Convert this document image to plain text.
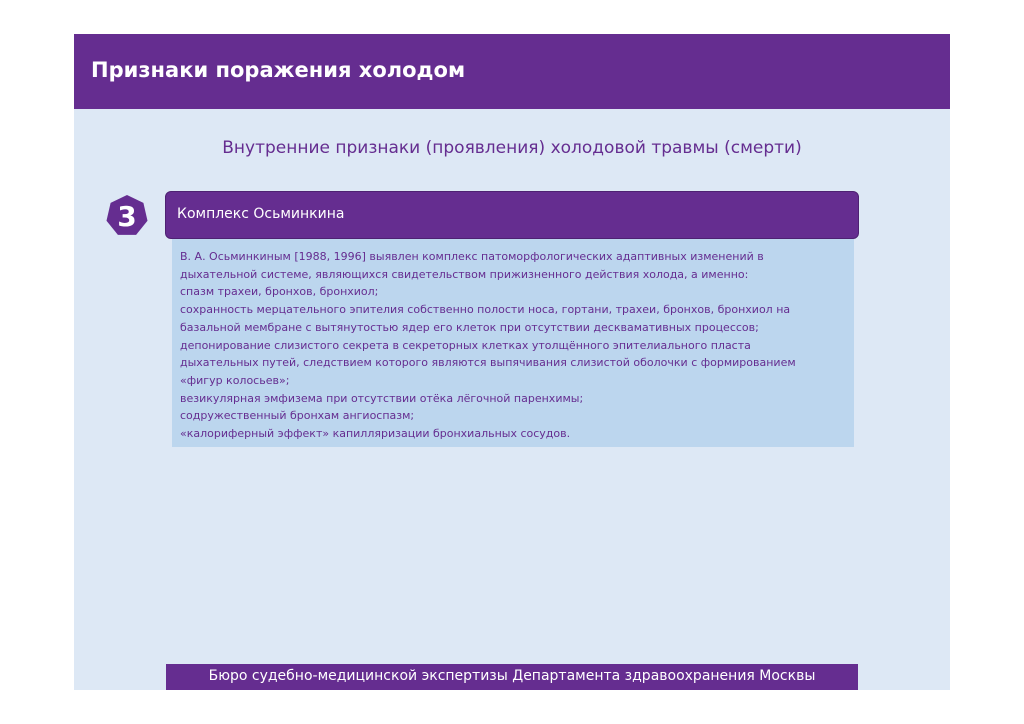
Признаки поражения холодом
Внутренние признаки (проявления) холодовой травмы (смерти)
3	Комплекс Осьминкина
В. А. Осьминкиным [1988, 1996] выявлен комплекс патоморфологических адаптивных изменений в
дыхательной системе, являющихся свидетельством прижизненного действия холода, а именно:
спазм трахеи, бронхов, бронхиол;
сохранность мерцательного эпителия собственно полости носа, гортани, трахеи, бронхов, бронхиол на
базальной мембране с вытянутостью ядер его клеток при отсутствии десквамативных процессов;
депонирование слизистого секрета в секреторных клетках утолщённого эпителиального пласта
дыхательных путей, следствием которого являются выпячивания слизистой оболочки с формированием
«фигур колосьев»;
везикулярная эмфизема при отсутствии отёка лёгочной паренхимы;
содружественный бронхам ангиоспазм;
«калориферный эффект» капилляризации бронхиальных сосудов.
Бюро судебно-медицинской экспертизы Департамента здравоохранения Москвы
